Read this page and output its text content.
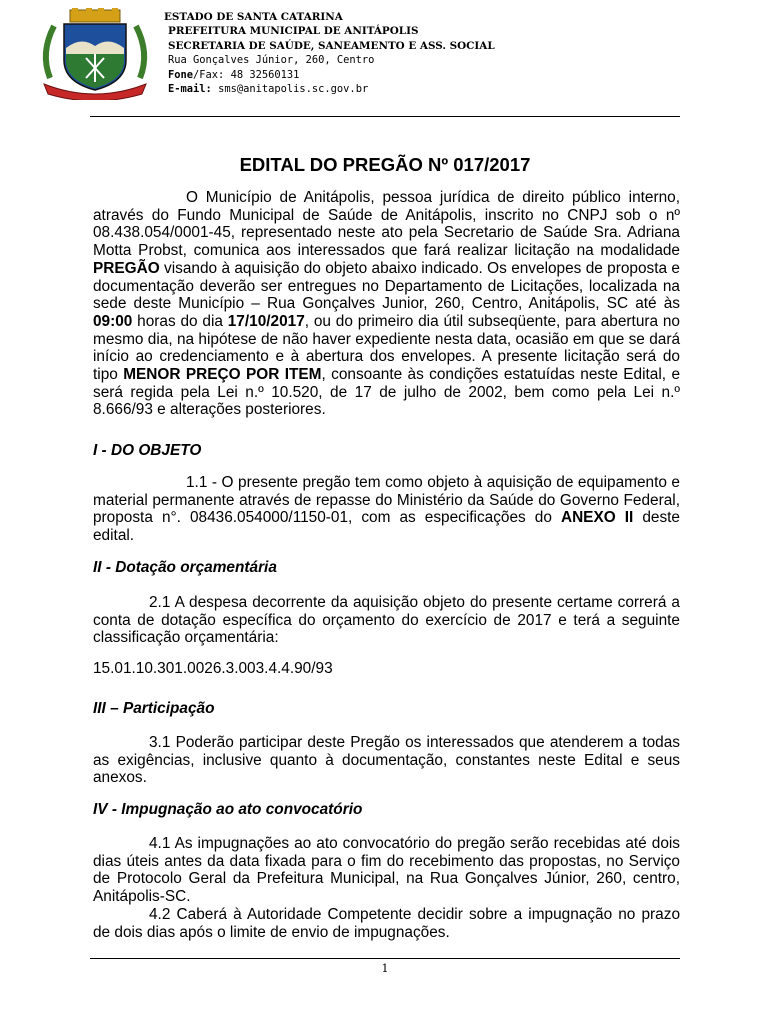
ESTADO DE SANTA CATARINA
PREFEITURA MUNICIPAL DE ANITÁPOLIS
SECRETARIA DE SAÚDE, SANEAMENTO E ASS. SOCIAL
Rua Gonçalves Júnior, 260, Centro
Fone/Fax: 48 32560131
E-mail: sms@anitapolis.sc.gov.br
EDITAL DO PREGÃO Nº 017/2017

O Município de Anitápolis, pessoa jurídica de direito público interno, através do Fundo Municipal de Saúde de Anitápolis, inscrito no CNPJ sob o nº 08.438.054/0001-45, representado neste ato pela Secretario de Saúde Sra. Adriana Motta Probst, comunica aos interessados que fará realizar licitação na modalidade PREGÃO visando à aquisição do objeto abaixo indicado. Os envelopes de proposta e documentação deverão ser entregues no Departamento de Licitações, localizada na sede deste Município – Rua Gonçalves Junior, 260, Centro, Anitápolis, SC até às 09:00 horas do dia 17/10/2017, ou do primeiro dia útil subseqüente, para abertura no mesmo dia, na hipótese de não haver expediente nesta data, ocasião em que se dará início ao credenciamento e à abertura dos envelopes. A presente licitação será do tipo MENOR PREÇO POR ITEM, consoante às condições estatuídas neste Edital, e será regida pela Lei n.º 10.520, de 17 de julho de 2002, bem como pela Lei n.º 8.666/93 e alterações posteriores.

I - DO OBJETO

1.1 - O presente pregão tem como objeto à aquisição de equipamento e material permanente através de repasse do Ministério da Saúde do Governo Federal, proposta n°. 08436.054000/1150-01, com as especificações do ANEXO II deste edital.

II - Dotação orçamentária

2.1 A despesa decorrente da aquisição objeto do presente certame correrá a conta de dotação específica do orçamento do exercício de 2017 e terá a seguinte classificação orçamentária:

15.01.10.301.0026.3.003.4.4.90/93
III – Participação

3.1 Poderão participar deste Pregão os interessados que atenderem a todas as exigências, inclusive quanto à documentação, constantes neste Edital e seus anexos.

IV - Impugnação ao ato convocatório

4.1 As impugnações ao ato convocatório do pregão serão recebidas até dois dias úteis antes da data fixada para o fim do recebimento das propostas, no Serviço de Protocolo Geral da Prefeitura Municipal, na Rua Gonçalves Júnior, 260, centro, Anitápolis-SC.

4.2 Caberá à Autoridade Competente decidir sobre a impugnação no prazo de dois dias após o limite de envio de impugnações.

1
